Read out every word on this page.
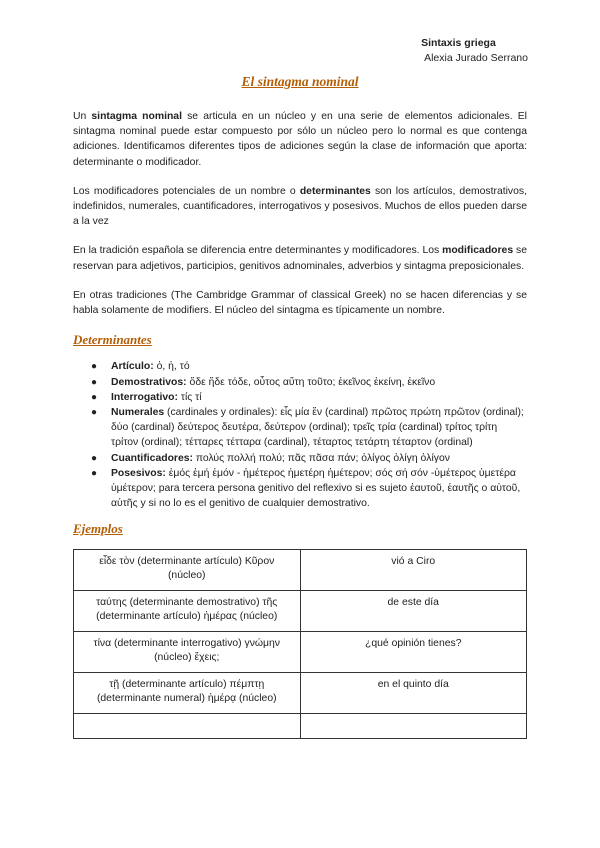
Sintaxis griega
Alexia Jurado Serrano
El sintagma nominal

Un sintagma nominal se articula en un núcleo y en una serie de elementos adicionales. El sintagma nominal puede estar compuesto por sólo un núcleo pero lo normal es que contenga adiciones. Identificamos diferentes tipos de adiciones según la clase de información que aporta: determinante o modificador.

Los modificadores potenciales de un nombre o determinantes son los artículos, demostrativos, indefinidos, numerales, cuantificadores, interrogativos y posesivos. Muchos de ellos pueden darse a la vez

En la tradición española se diferencia entre determinantes y modificadores. Los modificadores se reservan para adjetivos, participios, genitivos adnominales, adverbios y sintagma preposicionales.

En otras tradiciones (The Cambridge Grammar of classical Greek) no se hacen diferencias y se habla solamente de modifiers. El núcleo del sintagma es típicamente un nombre.

Determinantes
● Artículo: ὁ, ἡ, τό
● Demostrativos: ὅδε ἥδε τόδε, οὗτος αὕτη τοῦτο; ἐκεῖνος ἐκείνη, ἐκεῖνο
● Interrogativo: τίς τί
● Numerales (cardinales y ordinales): εἷς μία ἕν (cardinal) πρῶτος πρώτη πρῶτον (ordinal); δύο (cardinal) δεύτερος δευτέρα, δεύτερον (ordinal); τρεῖς τρία (cardinal) τρίτος τρίτη τρίτον (ordinal); τέτταρες τέτταρα (cardinal), τέταρτος τετάρτη τέταρτον (ordinal)
● Cuantificadores: πολύς πολλή πολύ; πᾶς πᾶσα πάν; ὀλίγος ὀλίγη ὀλίγον
● Posesivos: ἐμός ἐμή ἐμόν - ἡμέτερος ἡμετέρη ἡμέτερον; σός σή σόν -ὑμέτερος ὑμετέρα ὑμέτερον; para tercera persona genitivo del reflexivo si es sujeto ἑαυτοῦ, ἑαυτῆς ο αὑτοῦ, αὑτῆς y si no lo es el genitivo de cualquier demostrativo.
Ejemplos
εἶδε τὸν (determinante artículo) Κῦρον (núcleo)	vió a Ciro
ταύτης (determinante demostrativo) τῆς (determinante artículo) ἡμέρας (núcleo)	de este día
τίνα (determinante interrogativo) γνώμην (núcleo) ἔχεις;	¿qué opinión tienes?
τῇ (determinante artículo) πέμπτῃ (determinante numeral) ἡμέρᾳ (núcleo)	en el quinto día
